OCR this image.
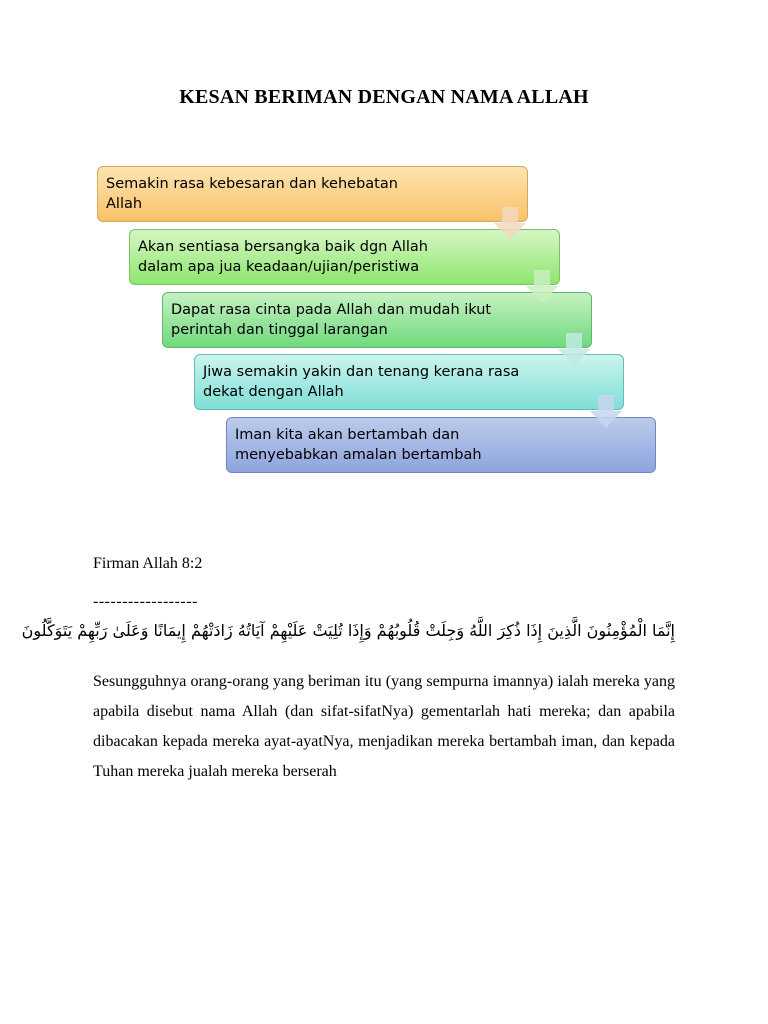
KESAN BERIMAN DENGAN NAMA ALLAH
Semakin rasa kebesaran dan kehebatan
Allah
Akan sentiasa bersangka baik dgn Allah
dalam apa jua keadaan/ujian/peristiwa
Dapat rasa cinta pada Allah dan mudah ikut
perintah dan tinggal larangan
Jiwa semakin yakin dan tenang kerana rasa
dekat dengan Allah
Iman kita akan bertambah dan
menyebabkan amalan bertambah
Firman Allah 8:2
------------------
إِنَّمَا الْمُؤْمِنُونَ الَّذِينَ إِذَا ذُكِرَ اللَّهُ وَجِلَتْ قُلُوبُهُمْ وَإِذَا تُلِيَتْ عَلَيْهِمْ آيَاتُهُ زَادَتْهُمْ إِيمَانًا وَعَلَىٰ رَبِّهِمْ يَتَوَكَّلُونَ
Sesungguhnya orang-orang yang beriman itu (yang sempurna imannya) ialah mereka yang apabila disebut nama Allah (dan sifat-sifatNya) gementarlah hati mereka; dan apabila dibacakan kepada mereka ayat-ayatNya, menjadikan mereka bertambah iman, dan kepada Tuhan mereka jualah mereka berserah
